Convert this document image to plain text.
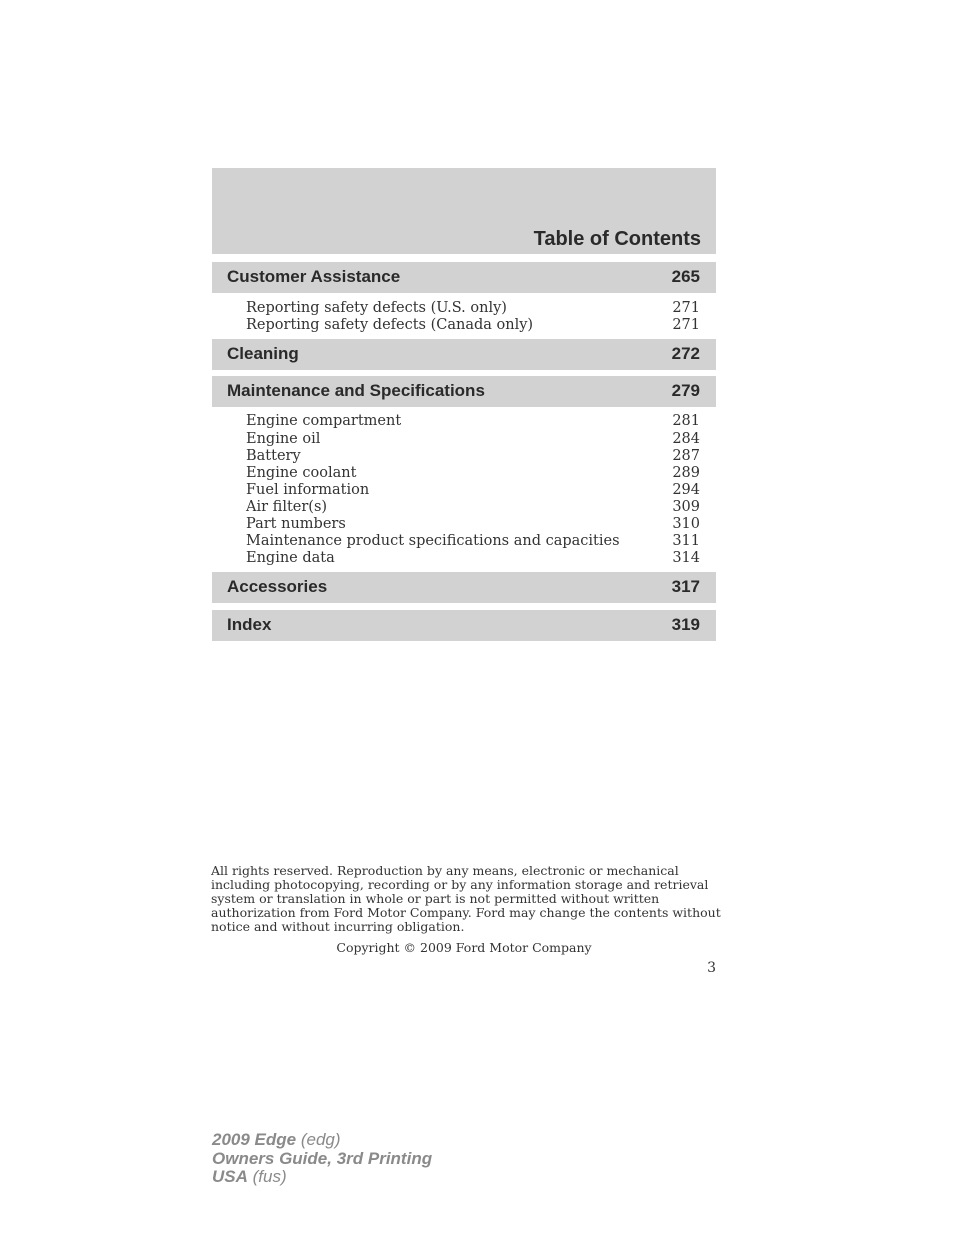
Table of Contents
Customer Assistance	265
Reporting safety defects (U.S. only)	271
Reporting safety defects (Canada only)	271
Cleaning	272
Maintenance and Specifications	279
Engine compartment	281
Engine oil	284
Battery	287
Engine coolant	289
Fuel information	294
Air filter(s)	309
Part numbers	310
Maintenance product specifications and capacities	311
Engine data	314
Accessories	317
Index	319
All rights reserved. Reproduction by any means, electronic or mechanical
including photocopying, recording or by any information storage and retrieval
system or translation in whole or part is not permitted without written
authorization from Ford Motor Company. Ford may change the contents without
notice and without incurring obligation.
Copyright © 2009 Ford Motor Company
3
2009 Edge (edg)
Owners Guide, 3rd Printing
USA (fus)
